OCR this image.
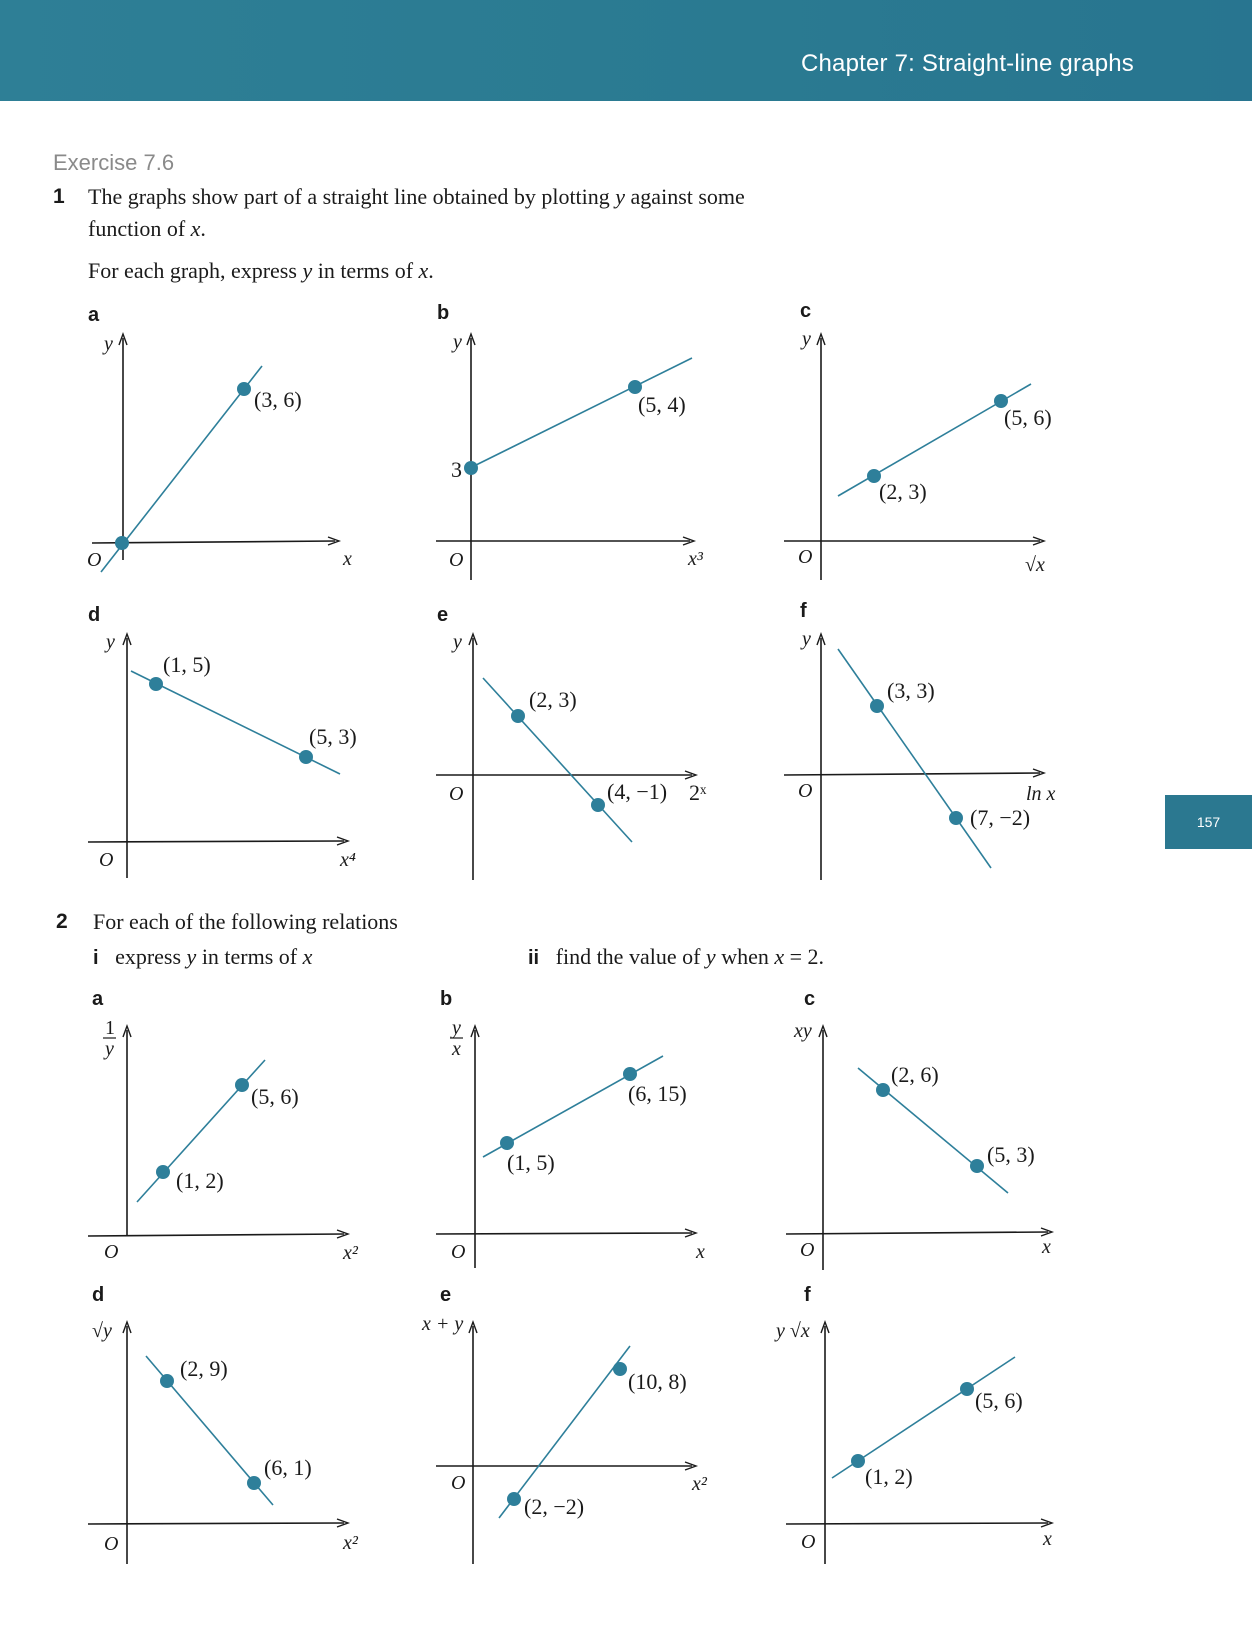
Chapter 7: Straight-line graphs
157
Exercise 7.6
1 The graphs show part of a straight line obtained by plotting y against some
function of x.
For each graph, express y in terms of x.
2 For each of the following relations
i express y in terms of x	ii find the value of y when x = 2.
a	b	c
d	e	f
a	b	c
d	e	f
y
x
O
(3, 6)
y
x³
O
3
(5, 4)
y
√x
O
(2, 3)
(5, 6)
y
x⁴
O
(1, 5)
(5, 3)
y
2ˣ
O
(2, 3)
(4, −1)
y
ln x
O
(3, 3)
(7, −2)
1
y
x²
O
(1, 2)
(5, 6)
y
x
x
O
(1, 5)
(6, 15)
xy
x
O
(2, 6)
(5, 3)
√y
x²
O
(2, 9)
(6, 1)
x + y
x²
O
(2, −2)
(10, 8)
y √x
x
O
(1, 2)
(5, 6)
